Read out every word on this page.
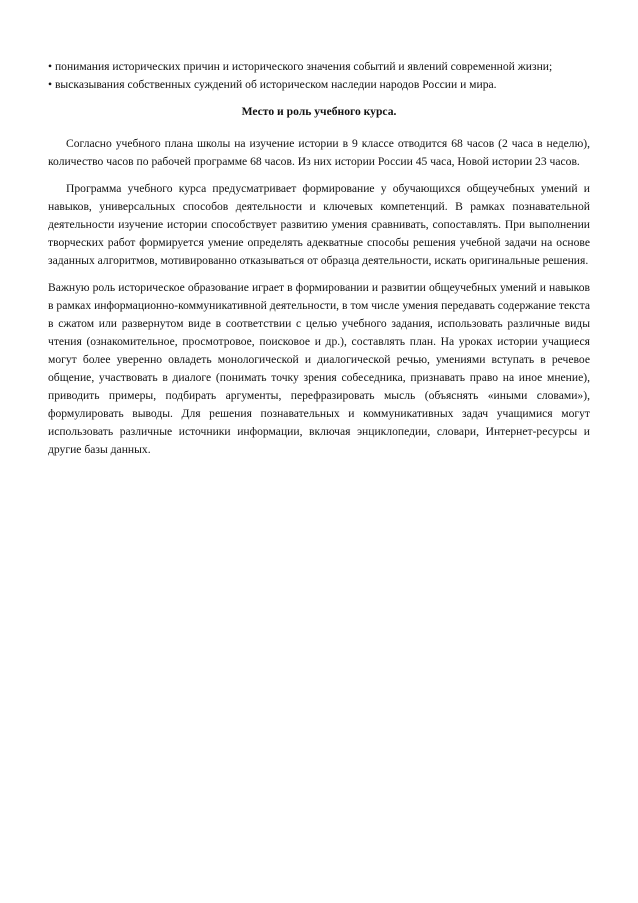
• понимания исторических причин и исторического значения событий и явлений современной жизни;

• высказывания собственных суждений об историческом наследии народов России и мира.

Место и роль учебного курса.

Согласно учебного плана школы на изучение истории в 9 классе отводится 68 часов (2 часа в неделю), количество часов по рабочей программе 68 часов. Из них истории России 45 часа, Новой истории 23 часов.

Программа учебного курса предусматривает формирование у обучающихся общеучебных умений и навыков, универсальных способов деятельности и ключевых компетенций. В рамках познавательной деятельности изучение истории способствует развитию умения сравнивать, сопоставлять. При выполнении творческих работ формируется умение определять адекватные способы решения учебной задачи на основе заданных алгоритмов, мотивированно отказываться от образца деятельности, искать оригинальные решения.

Важную роль историческое образование играет в формировании и развитии общеучебных умений и навыков в рамках информационно-коммуникативной деятельности, в том числе умения передавать содержание текста в сжатом или развернутом виде в соответствии с целью учебного задания, использовать различные виды чтения (ознакомительное, просмотровое, поисковое и др.), составлять план. На уроках истории учащиеся могут более уверенно овладеть монологической и диалогической речью, умениями вступать в речевое общение, участвовать в диалоге (понимать точку зрения собеседника, признавать право на иное мнение), приводить примеры, подбирать аргументы, перефразировать мысль (объяснять «иными словами»), формулировать выводы. Для решения познавательных и коммуникативных задач учащимися могут использовать различные источники информации, включая энциклопедии, словари, Интернет-ресурсы и другие базы данных.
